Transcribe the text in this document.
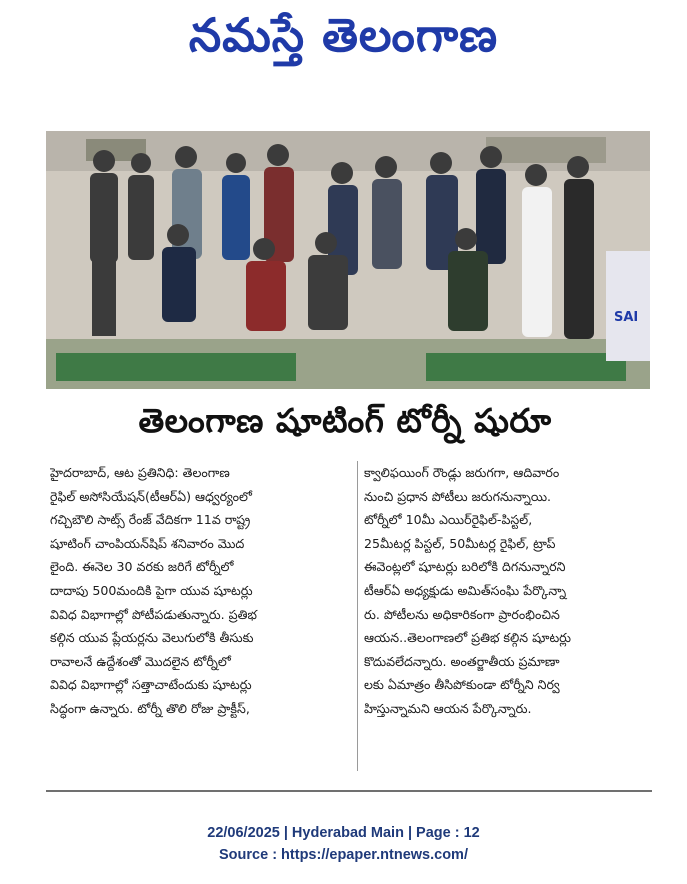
నమస్తే తెలంగాణ
SAI
తెలంగాణ షూటింగ్ టోర్నీ షురూ
హైదరాబాద్, ఆట ప్రతినిధి: తెలంగాణ
రైఫిల్ అసోసియేషన్(టీఆర్ఏ) ఆధ్వర్యంలో
గచ్చిబౌలి సాట్స్ రేంజ్ వేదికగా 11వ రాష్ట్ర
షూటింగ్ చాంపియన్‌షిప్ శనివారం మొద
లైంది. ఈనెల 30 వరకు జరిగే టోర్నీలో
దాదాపు 500మందికి పైగా యువ షూటర్లు
వివిధ విభాగాల్లో పోటీపడుతున్నారు. ప్రతిభ
కల్గిన యువ ప్లేయర్లను వెలుగులోకి తీసుకు
రావాలనే ఉద్దేశంతో మొదలైన టోర్నీలో
వివిధ విభాగాల్లో సత్తాచాటేందుకు షూటర్లు
సిద్ధంగా ఉన్నారు. టోర్నీ తొలి రోజు ప్రాక్టీస్,
క్వాలిఫయింగ్ రౌండ్లు జరుగగా, ఆదివారం
నుంచి ప్రధాన పోటీలు జరుగనున్నాయి.
టోర్నీలో 10మీ ఎయిర్‌రైఫిల్-పిస్టల్,
25మీటర్ల పిస్టల్, 50మీటర్ల రైఫిల్, ట్రాప్
ఈవెంట్లలో షూటర్లు బరిలోకి దిగనున్నారని
టీఆర్ఏ అధ్యక్షుడు అమిత్‌సంఘి పేర్కొన్నా
రు. పోటీలను అధికారికంగా ప్రారంభించిన
ఆయన..తెలంగాణలో ప్రతిభ కల్గిన షూటర్లు
కొదువలేదన్నారు. అంతర్జాతీయ ప్రమాణా
లకు ఏమాత్రం తీసిపోకుండా టోర్నీని నిర్వ
హిస్తున్నామని ఆయన పేర్కొన్నారు.
22/06/2025 | Hyderabad Main | Page : 12
Source : https://epaper.ntnews.com/
